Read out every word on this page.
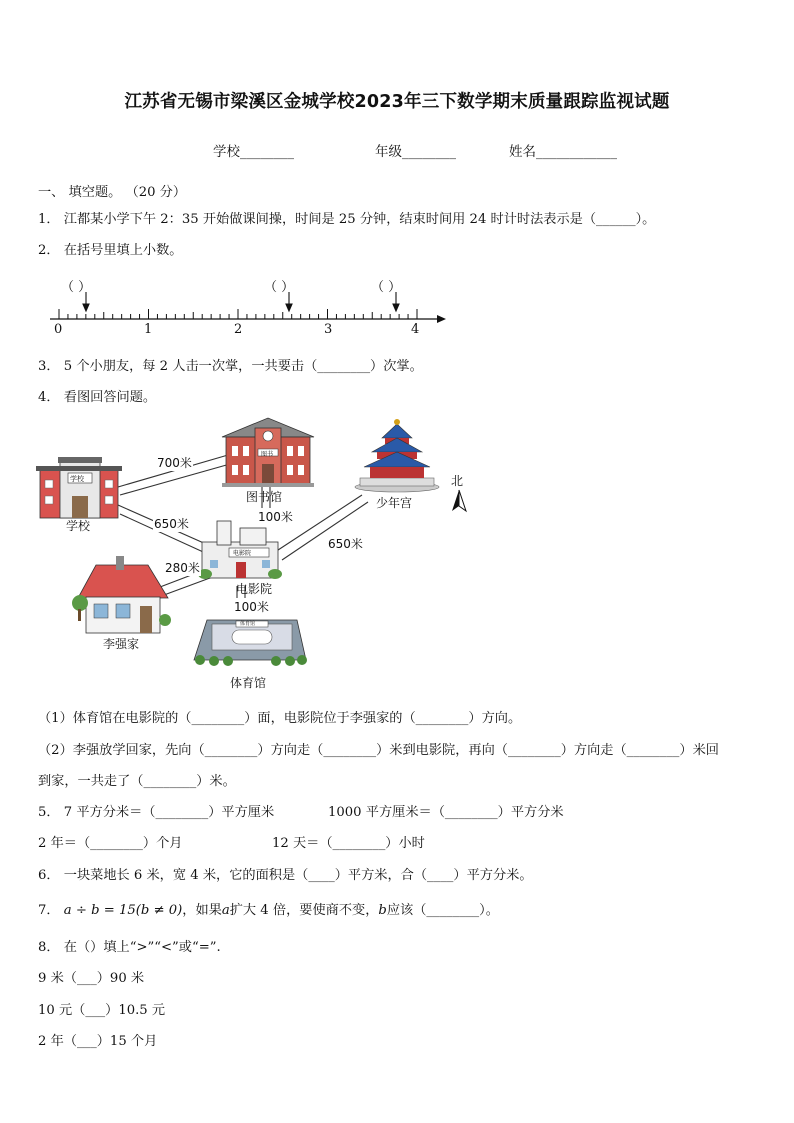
江苏省无锡市梁溪区金城学校2023年三下数学期末质量跟踪监视试题
学校________	年级________	姓名____________
一、 填空题。 （20 分）
1． 江都某小学下午 2：35 开始做课间操，时间是 25 分钟，结束时间用 24 时计时法表示是（______）。
2． 在括号里填上小数。
（ ）	（ ）	（ ）
0	1	2	3	4
3． 5 个小朋友，每 2 人击一次掌，一共要击（________）次掌。
4． 看图回答问题。
学校
图书馆	少年宫
北
电影院
李强家
体育馆
学校
图书
电影院
体育馆
700米
650米	100米
650米
280米
100米
（1）体育馆在电影院的（________）面，电影院位于李强家的（________）方向。
（2）李强放学回家，先向（________）方向走（________）米到电影院，再向（________）方向走（________）米回
到家，一共走了（________）米。
5． 7 平方分米＝（________）平方厘米	1000 平方厘米＝（________）平方分米
2 年＝（________）个月	12 天＝（________）小时
6． 一块菜地长 6 米，宽 4 米，它的面积是（____）平方米，合（____）平方分米。
7． a ÷ b = 15(b ≠ 0)，如果a扩大 4 倍，要使商不变，b应该（________）。
8． 在（）填上“>”“<”或“=”.
9 米（___）90 米
10 元（___）10.5 元
2 年（___）15 个月
